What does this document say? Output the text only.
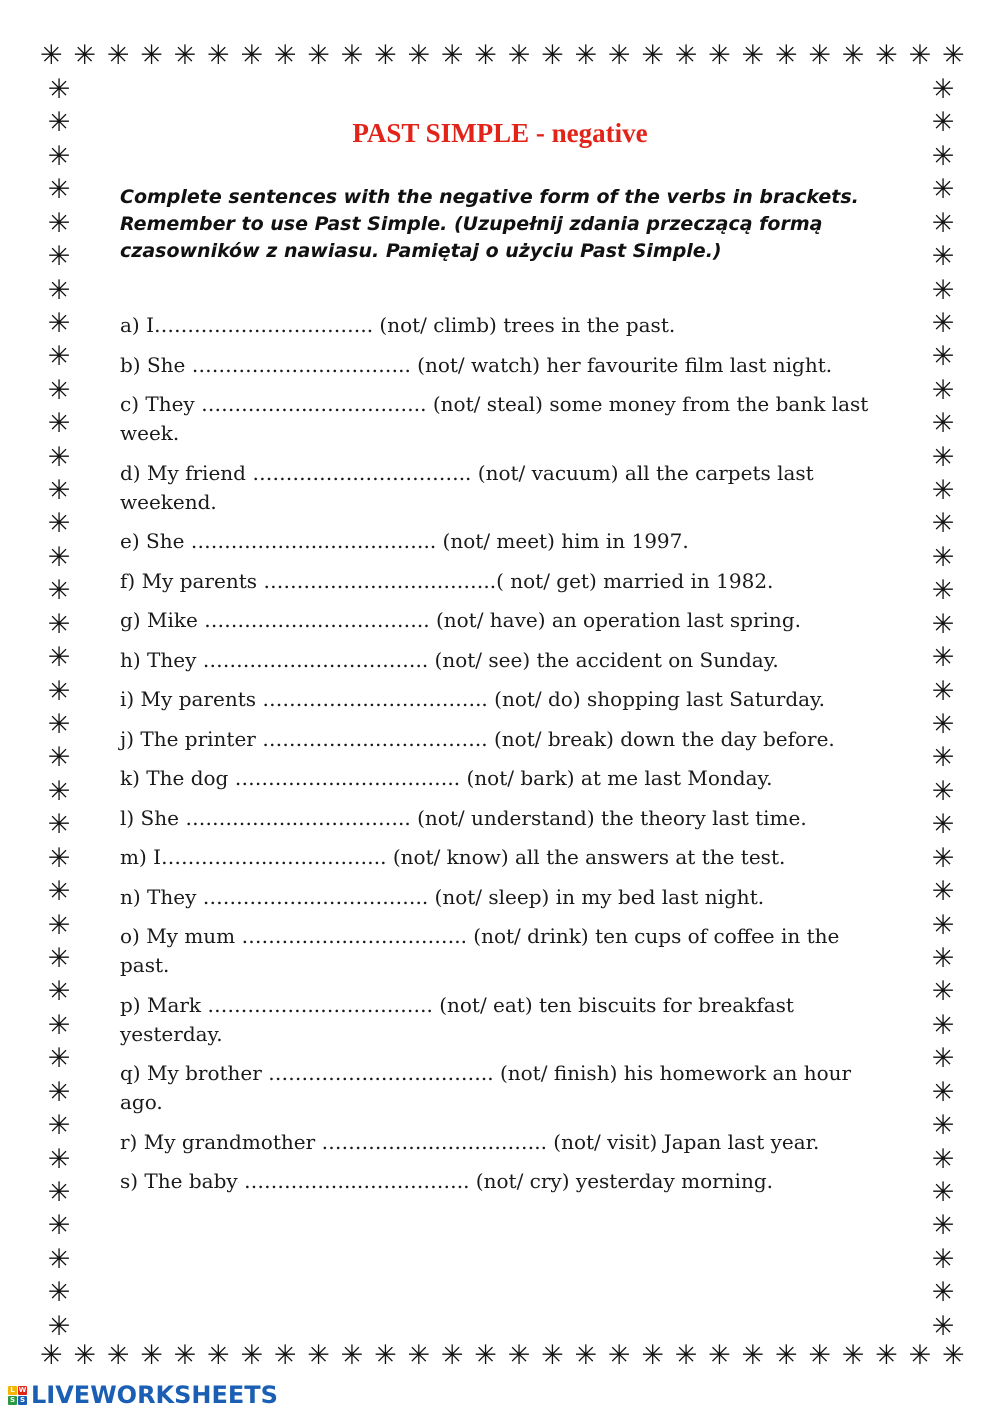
✳ ✳ ✳ ✳ ✳ ✳ ✳ ✳ ✳ ✳ ✳ ✳ ✳ ✳ ✳ ✳ ✳ ✳ ✳ ✳ ✳ ✳ ✳ ✳ ✳ ✳ ✳ ✳
✳
✳
✳
✳
✳
✳
✳
✳
✳
✳
✳
✳
✳
✳
✳
✳
✳
✳
✳
✳
✳
✳
✳
✳
✳
✳
✳
✳
✳
✳
✳
✳
✳
✳
✳
✳
✳
✳
✳
✳
✳
✳
✳
✳
✳
✳
✳
✳
✳
✳
✳
✳
✳
✳
✳
✳
✳
✳
✳
✳
✳
✳
✳
✳
✳
✳
✳
✳
✳
✳
✳
✳
✳
✳
✳
✳
✳ ✳ ✳ ✳ ✳ ✳ ✳ ✳ ✳ ✳ ✳ ✳ ✳ ✳ ✳ ✳ ✳ ✳ ✳ ✳ ✳ ✳ ✳ ✳ ✳ ✳ ✳ ✳
PAST SIMPLE - negative
Complete sentences with the negative form of the verbs in brackets. Remember to use Past Simple. (Uzupełnij zdania przeczącą formą czasowników z nawiasu. Pamiętaj o użyciu Past Simple.)
a) I…………….…………….. (not/ climb) trees in the past.
b) She ………….……………….. (not/ watch) her favourite film last night.
c) They ……………..…………….. (not/ steal) some money from the bank last week.
d) My friend …………….…………….. (not/ vacuum) all the carpets last weekend.
e) She ………………..…………….. (not/ meet) him in 1997.
f) My parents ……………………………..( not/ get) married in 1982.
g) Mike ……………..…………….. (not/ have) an operation last spring.
h) They ……………..…………….. (not/ see) the accident on Sunday.
i) My parents ……………..…………….. (not/ do) shopping last Saturday.
j) The printer ……………..…………….. (not/ break) down the day before.
k) The dog ……………..…………….. (not/ bark) at me last Monday.
l) She ……………..…………….. (not/ understand) the theory last time.
m) I……………..…………….. (not/ know) all the answers at the test.
n) They ……………..…………….. (not/ sleep) in my bed last night.
o) My mum ……………..…………….. (not/ drink) ten cups of coffee in the past.
p) Mark ……………..…………….. (not/ eat) ten biscuits for breakfast yesterday.
q) My brother ……………..…………….. (not/ finish) his homework an hour ago.
r) My grandmother ……………..…………….. (not/ visit) Japan last year.
s) The baby ……………..…………….. (not/ cry) yesterday morning.
L W
S S LIVEWORKSHEETS
